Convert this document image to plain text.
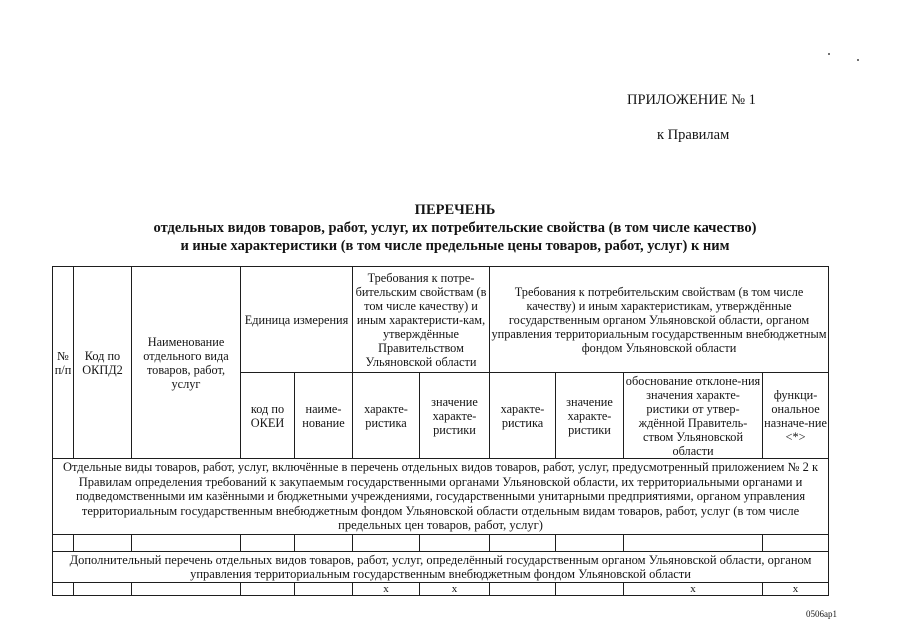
ПРИЛОЖЕНИЕ № 1
к Правилам
ПЕРЕЧЕНЬ
отдельных видов товаров, работ, услуг, их потребительские свойства (в том числе качество)
и иные характеристики (в том числе предельные цены товаров, работ, услуг) к ним
№ п/п	Код по ОКПД2	Наименование отдельного вида товаров, работ, услуг	Единица измерения		Требования к потре-бительским свойствам (в том числе качеству) и иным характеристи-кам, утверждённые Правительством Ульяновской области		Требования к потребительским свойствам (в том числе качеству) и иным характеристикам, утверждённые государственным органом Ульяновской области, органом управления территориальным государственным внебюджетным фондом Ульяновской области			
			код по ОКЕИ	наиме-нование	характе-ристика	значение характе-ристики	характе-ристика	значение характе-ристики	обоснование отклоне-ния значения характе-ристики от утвер-ждённой Правитель-ством Ульяновской области	функци-ональное назначе-ние <*>
Отдельные виды товаров, работ, услуг, включённые в перечень отдельных видов товаров, работ, услуг, предусмотренный приложением № 2 к Правилам определения требований к закупаемым государственными органами Ульяновской области, их территориальными органами и подведомственными им казёнными и бюджетными учреждениями, государственными унитарными предприятиями, органом управления территориальным государственным внебюджетным фондом Ульяновской области отдельным видам товаров, работ, услуг (в том числе предельных цен товаров, работ, услуг)										

Дополнительный перечень отдельных видов товаров, работ, услуг, определённый государственным органом Ульяновской области, органом управления территориальным государственным внебюджетным фондом Ульяновской области										
					х	х			х	х
0506ap1
